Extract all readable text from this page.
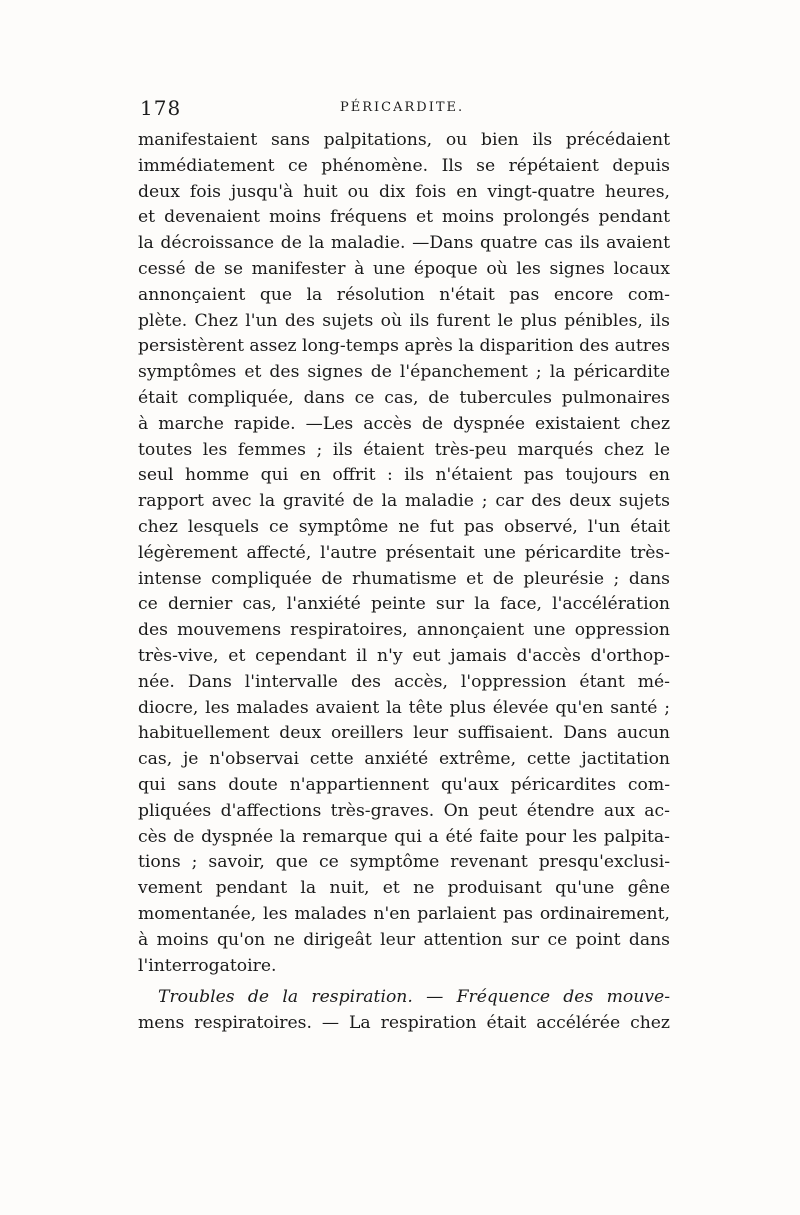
178	PÉRICARDITE.
manifestaient sans palpitations, ou bien ils précédaient
immédiatement ce phénomène. Ils se répétaient depuis
deux fois jusqu'à huit ou dix fois en vingt-quatre heures,
et devenaient moins fréquens et moins prolongés pendant
la décroissance de la maladie. —Dans quatre cas ils avaient
cessé de se manifester à une époque où les signes locaux
annonçaient que la résolution n'était pas encore com-
plète. Chez l'un des sujets où ils furent le plus pénibles, ils
persistèrent assez long-temps après la disparition des autres
symptômes et des signes de l'épanchement ; la péricardite
était compliquée, dans ce cas, de tubercules pulmonaires
à marche rapide. —Les accès de dyspnée existaient chez
toutes les femmes ; ils étaient très-peu marqués chez le
seul homme qui en offrit : ils n'étaient pas toujours en
rapport avec la gravité de la maladie ; car des deux sujets
chez lesquels ce symptôme ne fut pas observé, l'un était
légèrement affecté, l'autre présentait une péricardite très-
intense compliquée de rhumatisme et de pleurésie ; dans
ce dernier cas, l'anxiété peinte sur la face, l'accélération
des mouvemens respiratoires, annonçaient une oppression
très-vive, et cependant il n'y eut jamais d'accès d'orthop-
née. Dans l'intervalle des accès, l'oppression étant mé-
diocre, les malades avaient la tête plus élevée qu'en santé ;
habituellement deux oreillers leur suffisaient. Dans aucun
cas, je n'observai cette anxiété extrême, cette jactitation
qui sans doute n'appartiennent qu'aux péricardites com-
pliquées d'affections très-graves. On peut étendre aux ac-
cès de dyspnée la remarque qui a été faite pour les palpita-
tions ; savoir, que ce symptôme revenant presqu'exclusi-
vement pendant la nuit, et ne produisant qu'une gêne
momentanée, les malades n'en parlaient pas ordinairement,
à moins qu'on ne dirigeât leur attention sur ce point dans
l'interrogatoire.
Troubles de la respiration. — Fréquence des mouve-
mens respiratoires. — La respiration était accélérée chez
